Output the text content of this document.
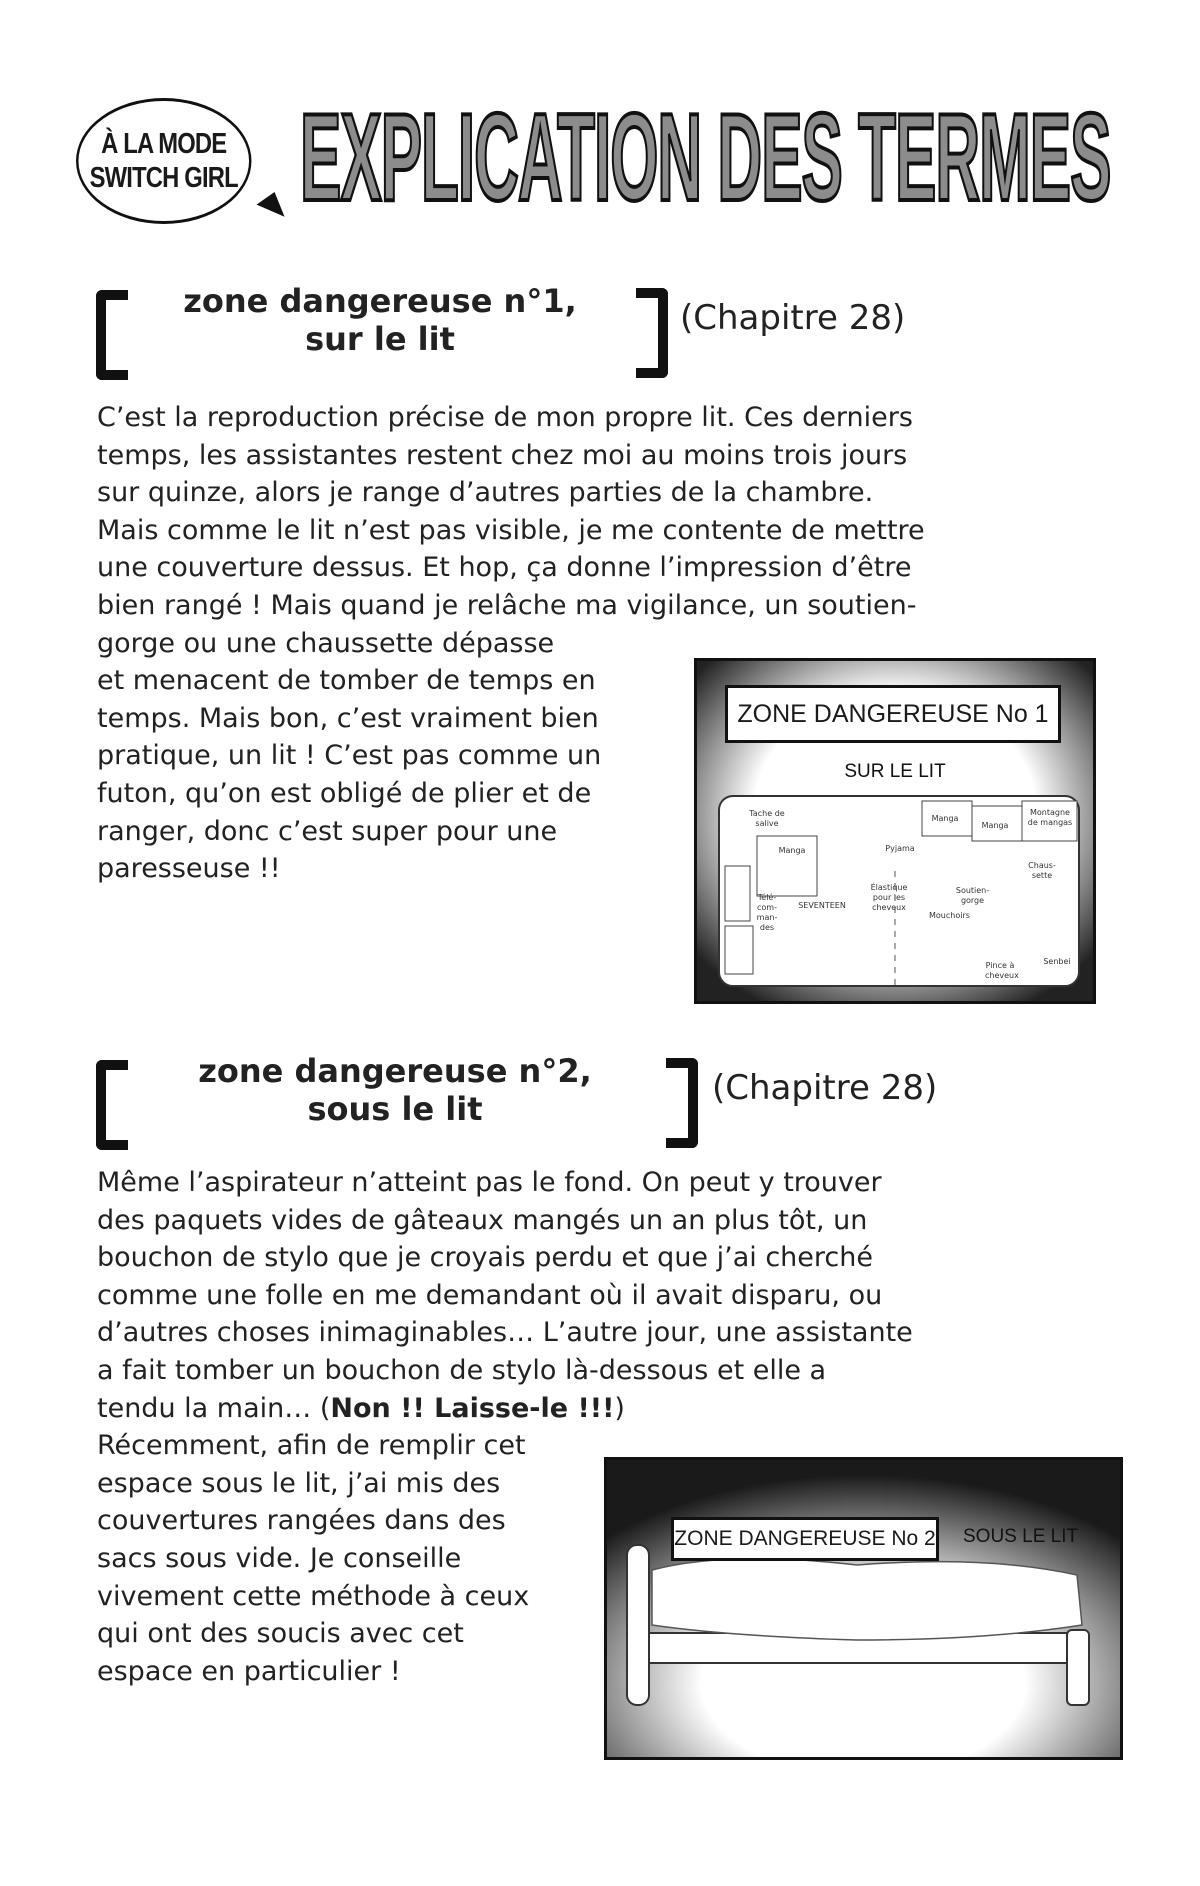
À LA MODE
SWITCH GIRL EXPLICATION DES TERMES
zone dangereuse n°1,
sur le lit
(Chapitre 28)
C’est la reproduction précise de mon propre lit. Ces derniers
temps, les assistantes restent chez moi au moins trois jours
sur quinze, alors je range d’autres parties de la chambre.
Mais comme le lit n’est pas visible, je me contente de mettre
une couverture dessus. Et hop, ça donne l’impression d’être
bien rangé ! Mais quand je relâche ma vigilance, un soutien-
gorge ou une chaussette dépasse
et menacent de tomber de temps en
temps. Mais bon, c’est vraiment bien
pratique, un lit ! C’est pas comme un
futon, qu’on est obligé de plier et de
ranger, donc c’est super pour une
paresseuse !!
ZONE DANGEREUSE No 1
SUR LE LIT
Tache de salive
Manga	Pyjama
Manga
Manga
Montagne de mangas
Élastique pour les cheveux
Soutien-gorge
Chaus-sette
Télé-com-man-des
Mouchoirs
Pince à cheveux
Senbei
SEVENTEEN
zone dangereuse n°2,
sous le lit
(Chapitre 28)
Même l’aspirateur n’atteint pas le fond. On peut y trouver
des paquets vides de gâteaux mangés un an plus tôt, un
bouchon de stylo que je croyais perdu et que j’ai cherché
comme une folle en me demandant où il avait disparu, ou
d’autres choses inimaginables… L’autre jour, une assistante
a fait tomber un bouchon de stylo là-dessous et elle a
tendu la main… (Non !! Laisse-le !!!)
Récemment, afin de remplir cet
espace sous le lit, j’ai mis des
couvertures rangées dans des
sacs sous vide. Je conseille
vivement cette méthode à ceux
qui ont des soucis avec cet
espace en particulier !
ZONE DANGEREUSE No 2 SOUS LE LIT
